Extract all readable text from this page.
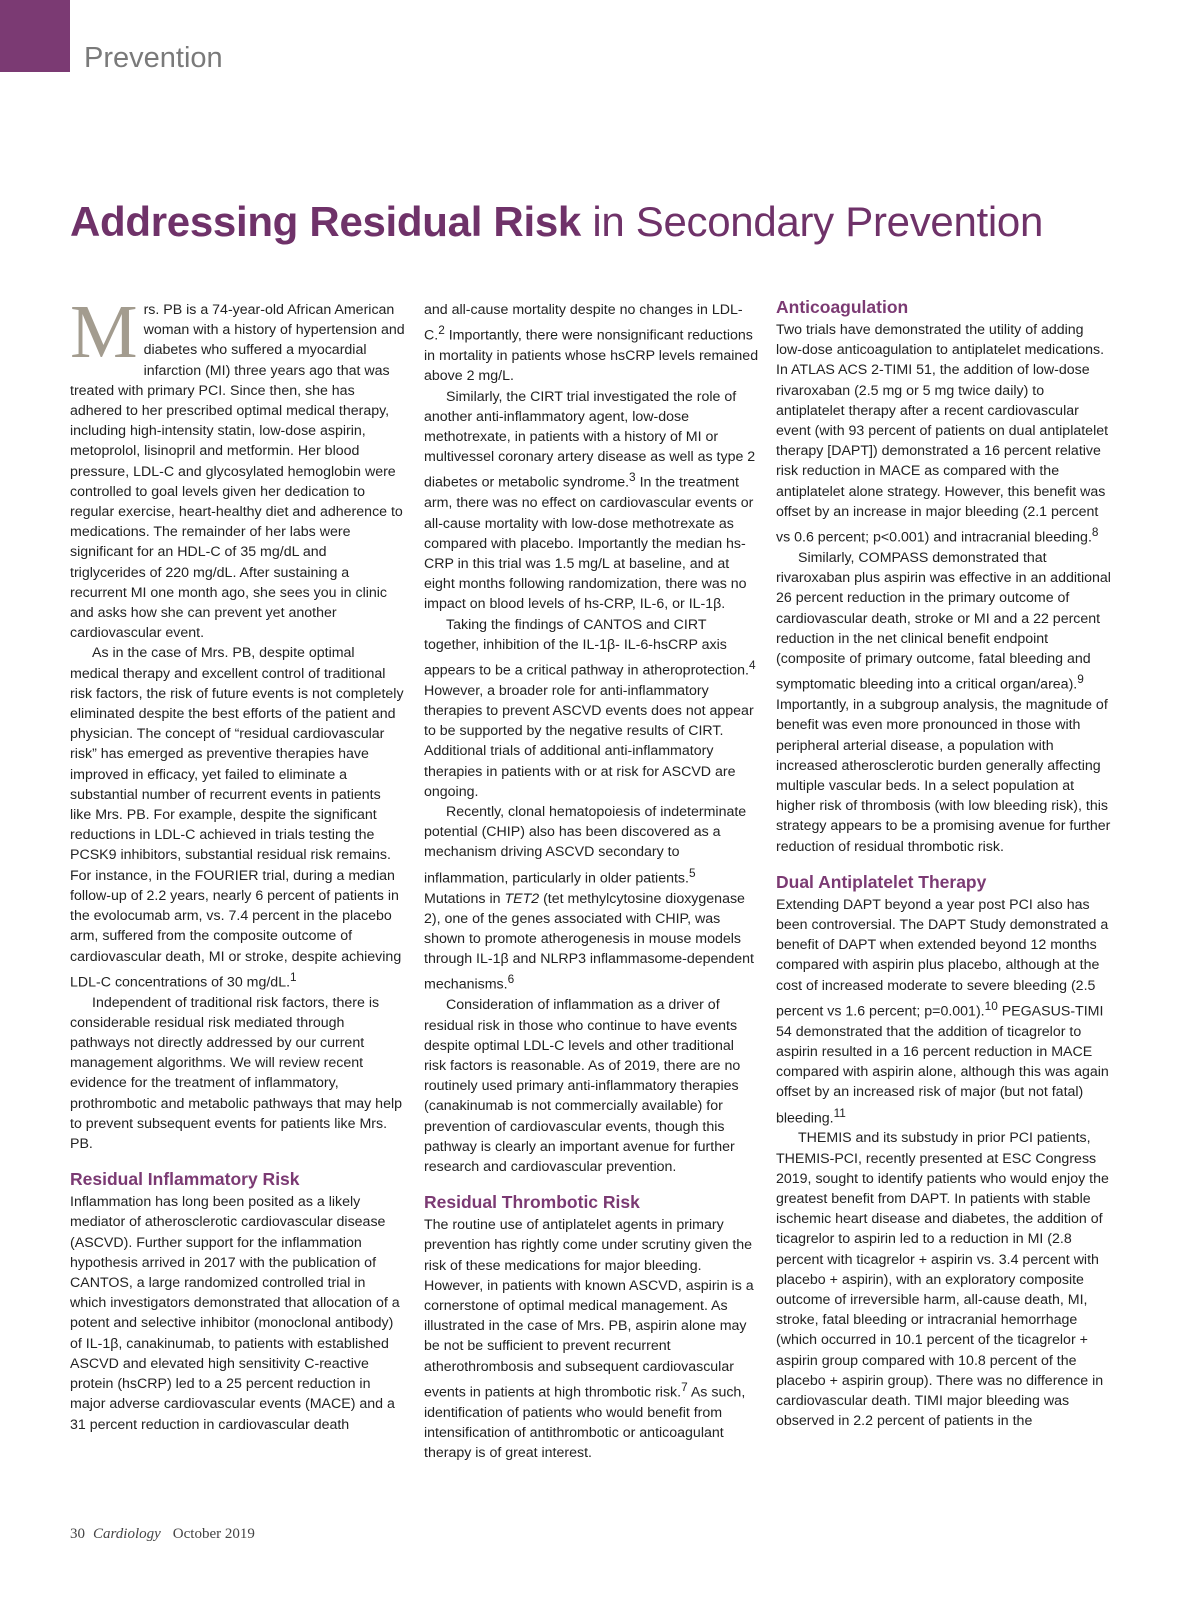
Prevention
Addressing Residual Risk in Secondary Prevention

Mrs. PB is a 74-year-old African American woman with a history of hypertension and diabetes who suffered a myocardial infarction (MI) three years ago that was treated with primary PCI. Since then, she has adhered to her prescribed optimal medical therapy, including high-intensity statin, low-dose aspirin, metoprolol, lisinopril and metformin. Her blood pressure, LDL-C and glycosylated hemoglobin were controlled to goal levels given her dedication to regular exercise, heart-healthy diet and adherence to medications. The remainder of her labs were significant for an HDL-C of 35 mg/dL and triglycerides of 220 mg/dL. After sustaining a recurrent MI one month ago, she sees you in clinic and asks how she can prevent yet another cardiovascular event.

As in the case of Mrs. PB, despite optimal medical therapy and excellent control of traditional risk factors, the risk of future events is not completely eliminated despite the best efforts of the patient and physician. The concept of “residual cardiovascular risk” has emerged as preventive therapies have improved in efficacy, yet failed to eliminate a substantial number of recurrent events in patients like Mrs. PB. For example, despite the significant reductions in LDL-C achieved in trials testing the PCSK9 inhibitors, substantial residual risk remains. For instance, in the FOURIER trial, during a median follow-up of 2.2 years, nearly 6 percent of patients in the evolocumab arm, vs. 7.4 percent in the placebo arm, suffered from the composite outcome of cardiovascular death, MI or stroke, despite achieving LDL-C concentrations of 30 mg/dL.$^1$

Independent of traditional risk factors, there is considerable residual risk mediated through pathways not directly addressed by our current management algorithms. We will review recent evidence for the treatment of inflammatory, prothrombotic and metabolic pathways that may help to prevent subsequent events for patients like Mrs. PB.

Residual Inflammatory Risk

Inflammation has long been posited as a likely mediator of atherosclerotic cardiovascular disease (ASCVD). Further support for the inflammation hypothesis arrived in 2017 with the publication of CANTOS, a large randomized controlled trial in which investigators demonstrated that allocation of a potent and selective inhibitor (monoclonal antibody) of IL-1β, canakinumab, to patients with established ASCVD and elevated high sensitivity C-reactive protein (hsCRP) led to a 25 percent reduction in major adverse cardiovascular events (MACE) and a 31 percent reduction in cardiovascular death

and all-cause mortality despite no changes in LDL-C.$^2$ Importantly, there were nonsignificant reductions in mortality in patients whose hsCRP levels remained above 2 mg/L.

Similarly, the CIRT trial investigated the role of another anti-inflammatory agent, low-dose methotrexate, in patients with a history of MI or multivessel coronary artery disease as well as type 2 diabetes or metabolic syndrome.$^3$ In the treatment arm, there was no effect on cardiovascular events or all-cause mortality with low-dose methotrexate as compared with placebo. Importantly the median hs-CRP in this trial was 1.5 mg/L at baseline, and at eight months following randomization, there was no impact on blood levels of hs-CRP, IL-6, or IL-1β.

Taking the findings of CANTOS and CIRT together, inhibition of the IL-1β- IL-6-hsCRP axis appears to be a critical pathway in atheroprotection.$^4$ However, a broader role for anti-inflammatory therapies to prevent ASCVD events does not appear to be supported by the negative results of CIRT. Additional trials of additional anti-inflammatory therapies in patients with or at risk for ASCVD are ongoing.

Recently, clonal hematopoiesis of indeterminate potential (CHIP) also has been discovered as a mechanism driving ASCVD secondary to inflammation, particularly in older patients.$^5$ Mutations in TET2 (tet methylcytosine dioxygenase 2), one of the genes associated with CHIP, was shown to promote atherogenesis in mouse models through IL-1β and NLRP3 inflammasome-dependent mechanisms.$^6$

Consideration of inflammation as a driver of residual risk in those who continue to have events despite optimal LDL-C levels and other traditional risk factors is reasonable. As of 2019, there are no routinely used primary anti-inflammatory therapies (canakinumab is not commercially available) for prevention of cardiovascular events, though this pathway is clearly an important avenue for further research and cardiovascular prevention.

Residual Thrombotic Risk

The routine use of antiplatelet agents in primary prevention has rightly come under scrutiny given the risk of these medications for major bleeding. However, in patients with known ASCVD, aspirin is a cornerstone of optimal medical management. As illustrated in the case of Mrs. PB, aspirin alone may be not be sufficient to prevent recurrent atherothrombosis and subsequent cardiovascular events in patients at high thrombotic risk.$^7$ As such, identification of patients who would benefit from intensification of antithrombotic or anticoagulant therapy is of great interest.

Anticoagulation

Two trials have demonstrated the utility of adding low-dose anticoagulation to antiplatelet medications. In ATLAS ACS 2-TIMI 51, the addition of low-dose rivaroxaban (2.5 mg or 5 mg twice daily) to antiplatelet therapy after a recent cardiovascular event (with 93 percent of patients on dual antiplatelet therapy [DAPT]) demonstrated a 16 percent relative risk reduction in MACE as compared with the antiplatelet alone strategy. However, this benefit was offset by an increase in major bleeding (2.1 percent vs 0.6 percent; p<0.001) and intracranial bleeding.$^8$

Similarly, COMPASS demonstrated that rivaroxaban plus aspirin was effective in an additional 26 percent reduction in the primary outcome of cardiovascular death, stroke or MI and a 22 percent reduction in the net clinical benefit endpoint (composite of primary outcome, fatal bleeding and symptomatic bleeding into a critical organ/area).$^9$ Importantly, in a subgroup analysis, the magnitude of benefit was even more pronounced in those with peripheral arterial disease, a population with increased atherosclerotic burden generally affecting multiple vascular beds. In a select population at higher risk of thrombosis (with low bleeding risk), this strategy appears to be a promising avenue for further reduction of residual thrombotic risk.

Dual Antiplatelet Therapy

Extending DAPT beyond a year post PCI also has been controversial. The DAPT Study demonstrated a benefit of DAPT when extended beyond 12 months compared with aspirin plus placebo, although at the cost of increased moderate to severe bleeding (2.5 percent vs 1.6 percent; p=0.001).$^{10}$ PEGASUS-TIMI 54 demonstrated that the addition of ticagrelor to aspirin resulted in a 16 percent reduction in MACE compared with aspirin alone, although this was again offset by an increased risk of major (but not fatal) bleeding.$^{11}$

THEMIS and its substudy in prior PCI patients, THEMIS-PCI, recently presented at ESC Congress 2019, sought to identify patients who would enjoy the greatest benefit from DAPT. In patients with stable ischemic heart disease and diabetes, the addition of ticagrelor to aspirin led to a reduction in MI (2.8 percent with ticagrelor + aspirin vs. 3.4 percent with placebo + aspirin), with an exploratory composite outcome of irreversible harm, all-cause death, MI, stroke, fatal bleeding or intracranial hemorrhage (which occurred in 10.1 percent of the ticagrelor + aspirin group compared with 10.8 percent of the placebo + aspirin group). There was no difference in cardiovascular death. TIMI major bleeding was observed in 2.2 percent of patients in the

30 Cardiology October 2019
